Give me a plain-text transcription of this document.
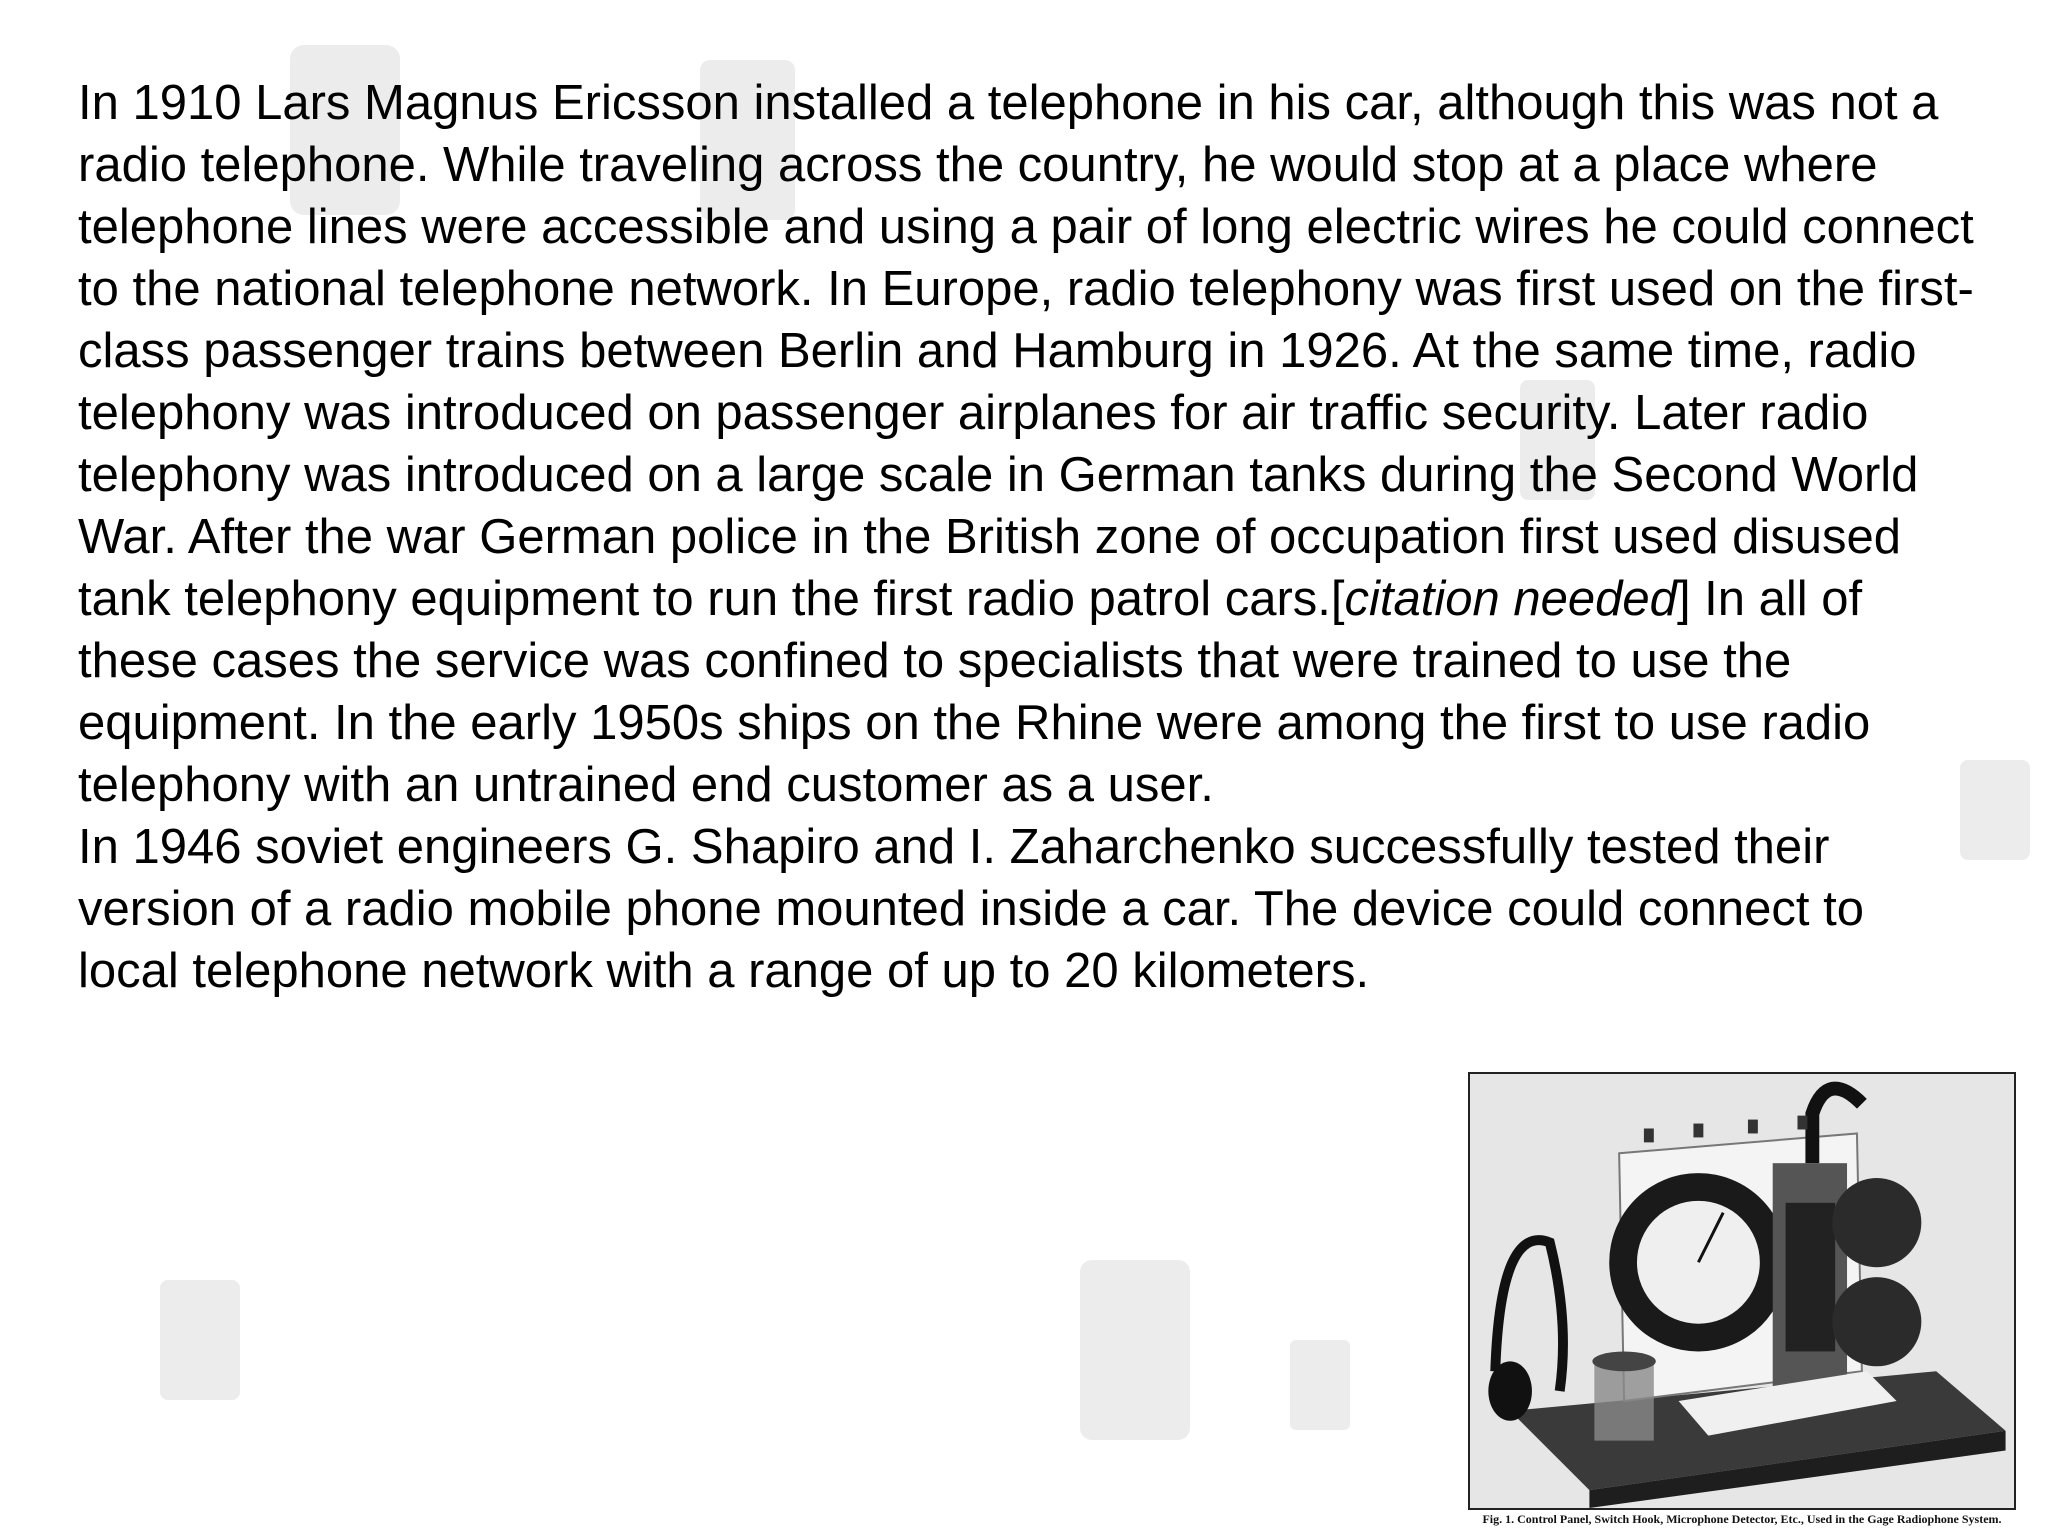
In 1910 Lars Magnus Ericsson installed a telephone in his car, although this was not a radio telephone. While traveling across the country, he would stop at a place where telephone lines were accessible and using a pair of long electric wires he could connect to the national telephone network. In Europe, radio telephony was first used on the first-class passenger trains between Berlin and Hamburg in 1926. At the same time, radio telephony was introduced on passenger airplanes for air traffic security. Later radio telephony was introduced on a large scale in German tanks during the Second World War. After the war German police in the British zone of occupation first used disused tank telephony equipment to run the first radio patrol cars.[citation needed] In all of these cases the service was confined to specialists that were trained to use the equipment. In the early 1950s ships on the Rhine were among the first to use radio telephony with an untrained end customer as a user.

In 1946 soviet engineers G. Shapiro and I. Zaharchenko successfully tested their version of a radio mobile phone mounted inside a car. The device could connect to local telephone network with a range of up to 20 kilometers.

Fig. 1. Control Panel, Switch Hook, Microphone Detector, Etc., Used in the Gage Radiophone System.
